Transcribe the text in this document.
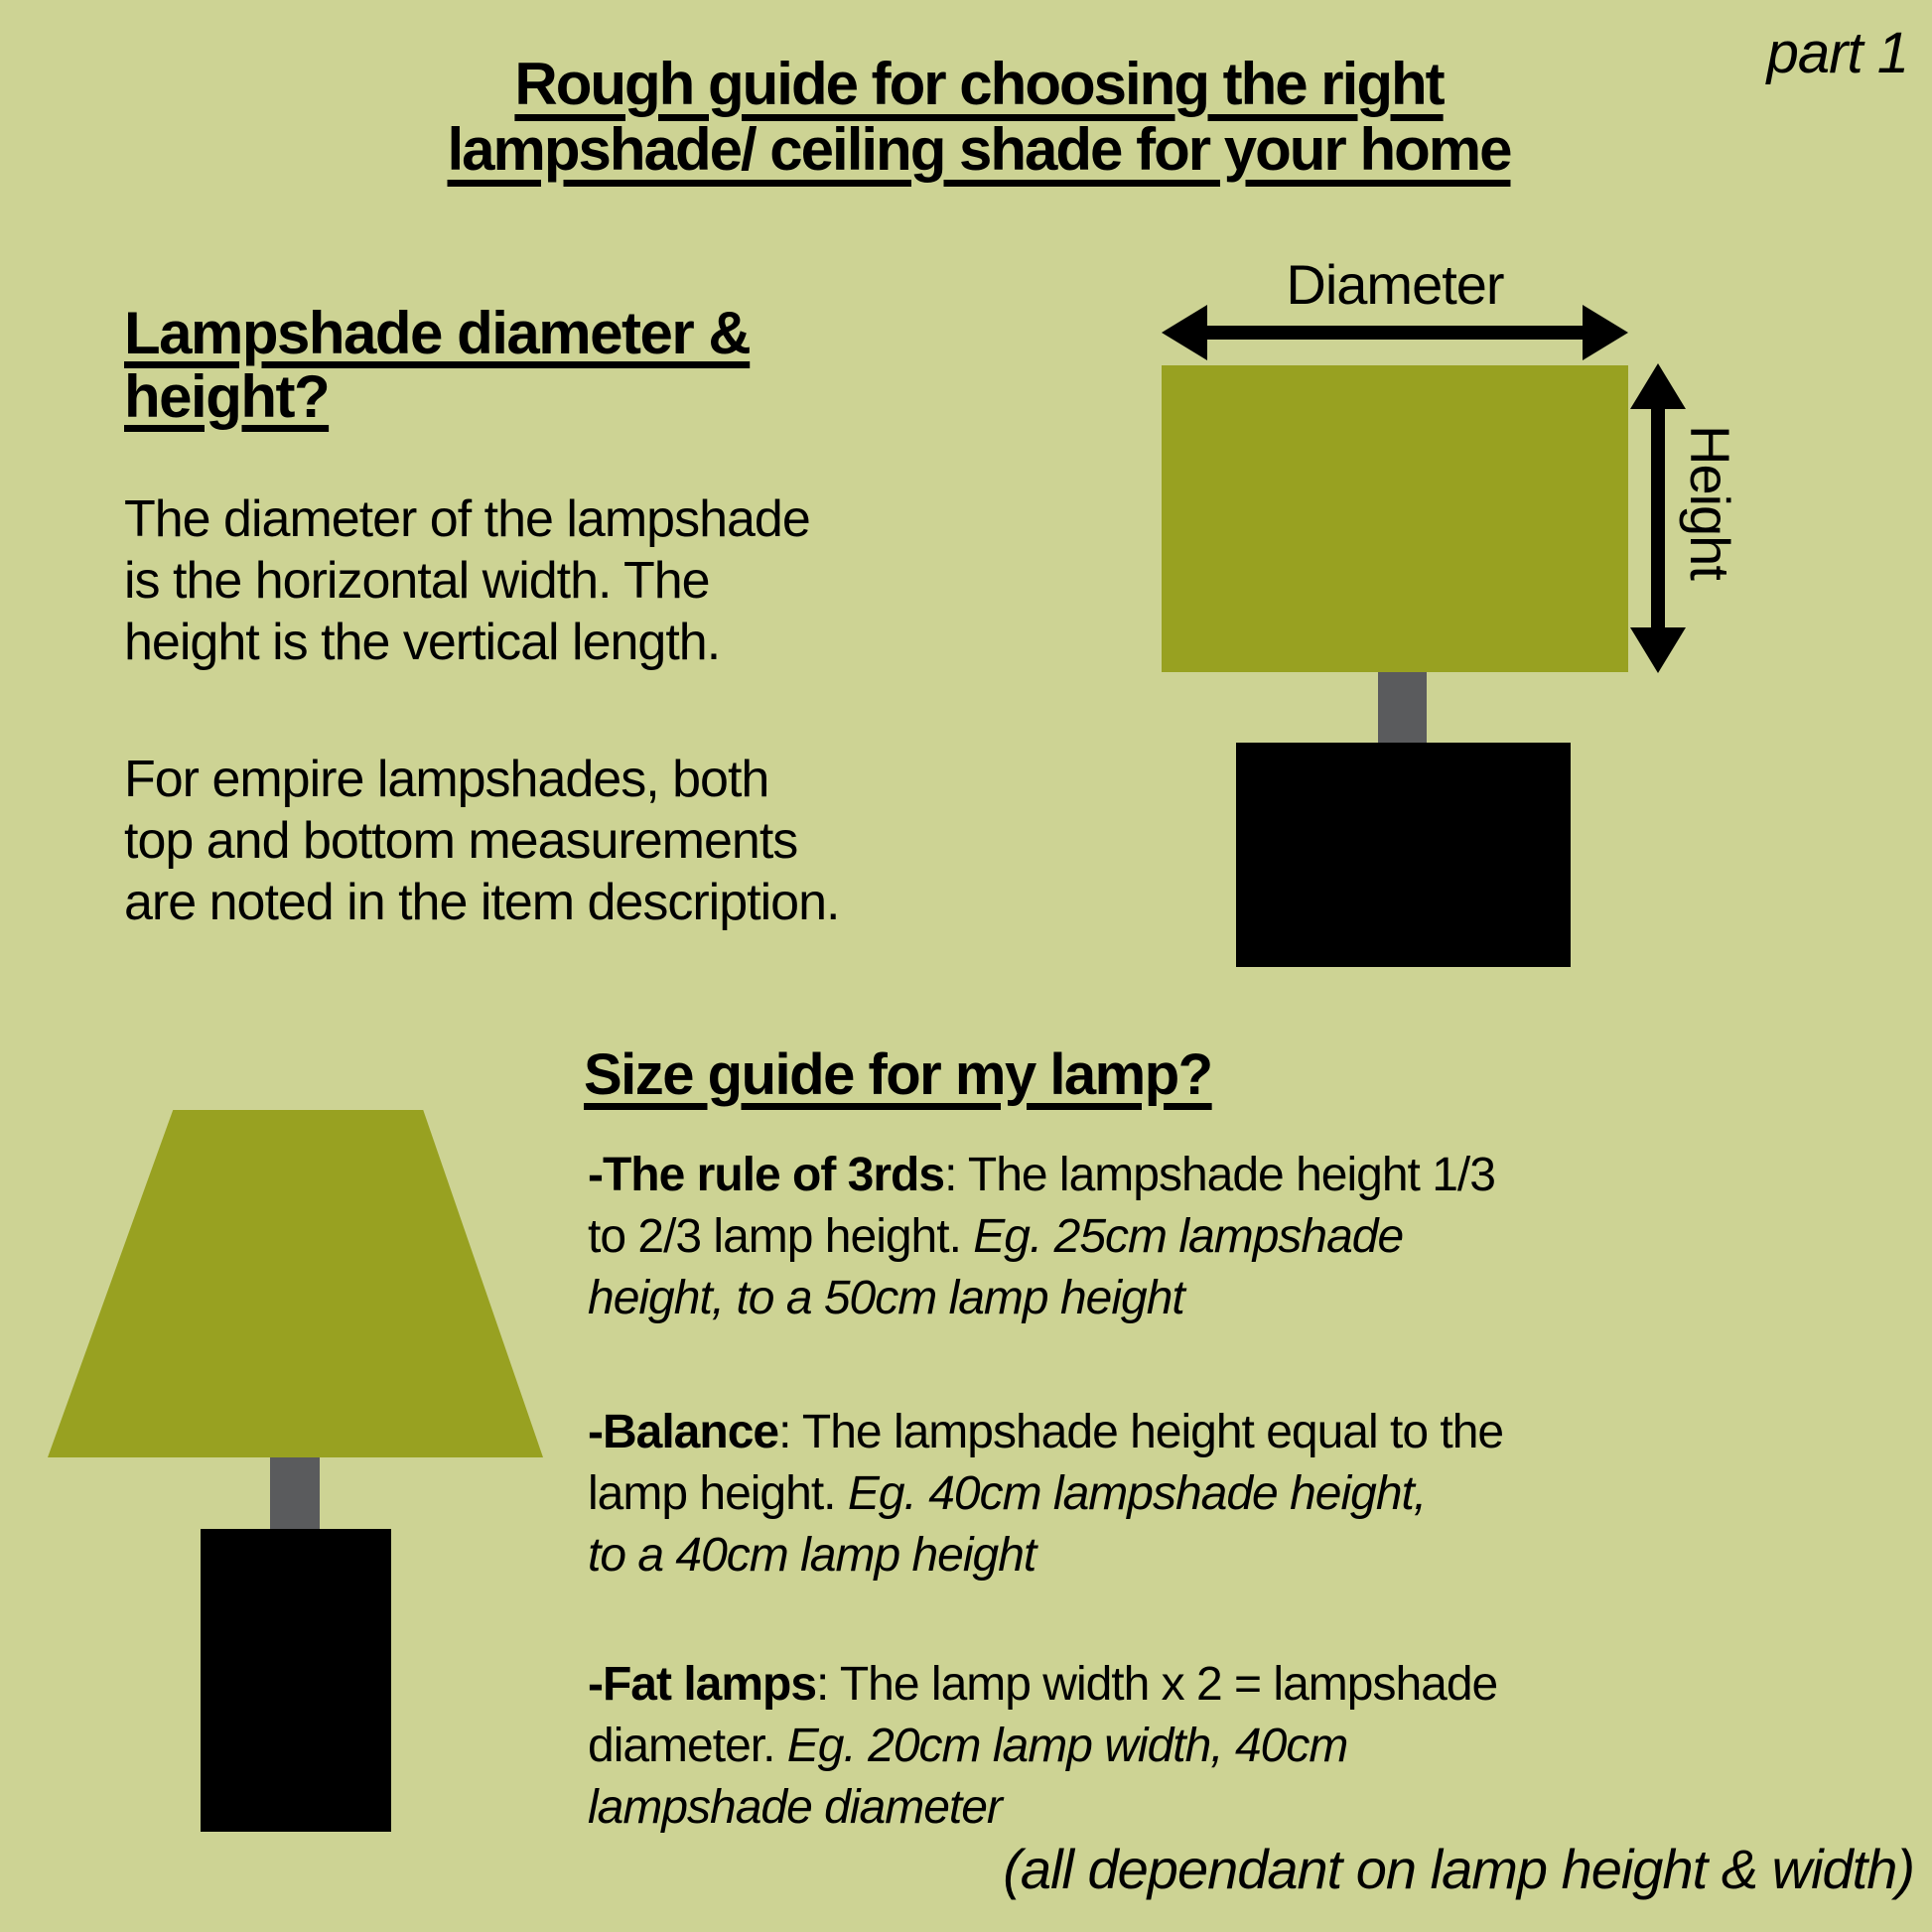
part 1
Rough guide for choosing the right
lampshade/ ceiling shade for your home
Lampshade diameter &
height?
The diameter of the lampshade
is the horizontal width. The
height is the vertical length.
For empire lampshades, both
top and bottom measurements
are noted in the item description.
Diameter
Height
Size guide for my lamp?
(all dependant on lamp height & width)
-The rule of 3rds: The lampshade height 1/3
to 2/3 lamp height. Eg. 25cm lampshade
height, to a 50cm lamp height
-Balance: The lampshade height equal to the
lamp height. Eg. 40cm lampshade height,
to a 40cm lamp height
-Fat lamps: The lamp width x 2 = lampshade
diameter. Eg. 20cm lamp width, 40cm
lampshade diameter
